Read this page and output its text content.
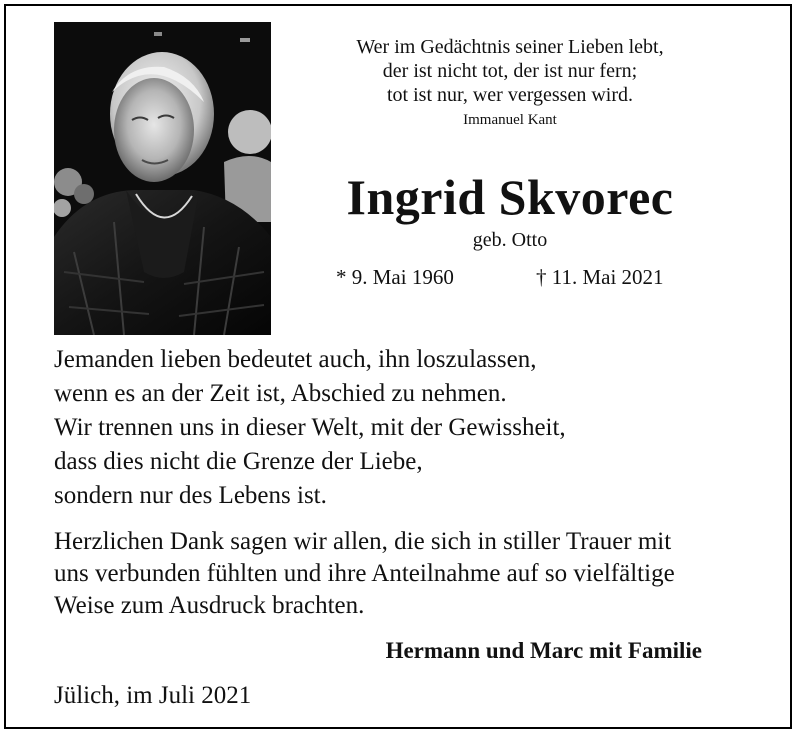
Wer im Gedächtnis seiner Lieben lebt,
der ist nicht tot, der ist nur fern;
tot ist nur, wer vergessen wird.
Immanuel Kant
Ingrid Skvorec
geb. Otto
* 9. Mai 1960	† 11. Mai 2021
Jemanden lieben bedeutet auch, ihn loszulassen,
wenn es an der Zeit ist, Abschied zu nehmen.
Wir trennen uns in dieser Welt, mit der Gewissheit,
dass dies nicht die Grenze der Liebe,
sondern nur des Lebens ist.
Herzlichen Dank sagen wir allen, die sich in stiller Trauer mit
uns verbunden fühlten und ihre Anteilnahme auf so vielfältige
Weise zum Ausdruck brachten.
Hermann und Marc mit Familie
Jülich, im Juli 2021
